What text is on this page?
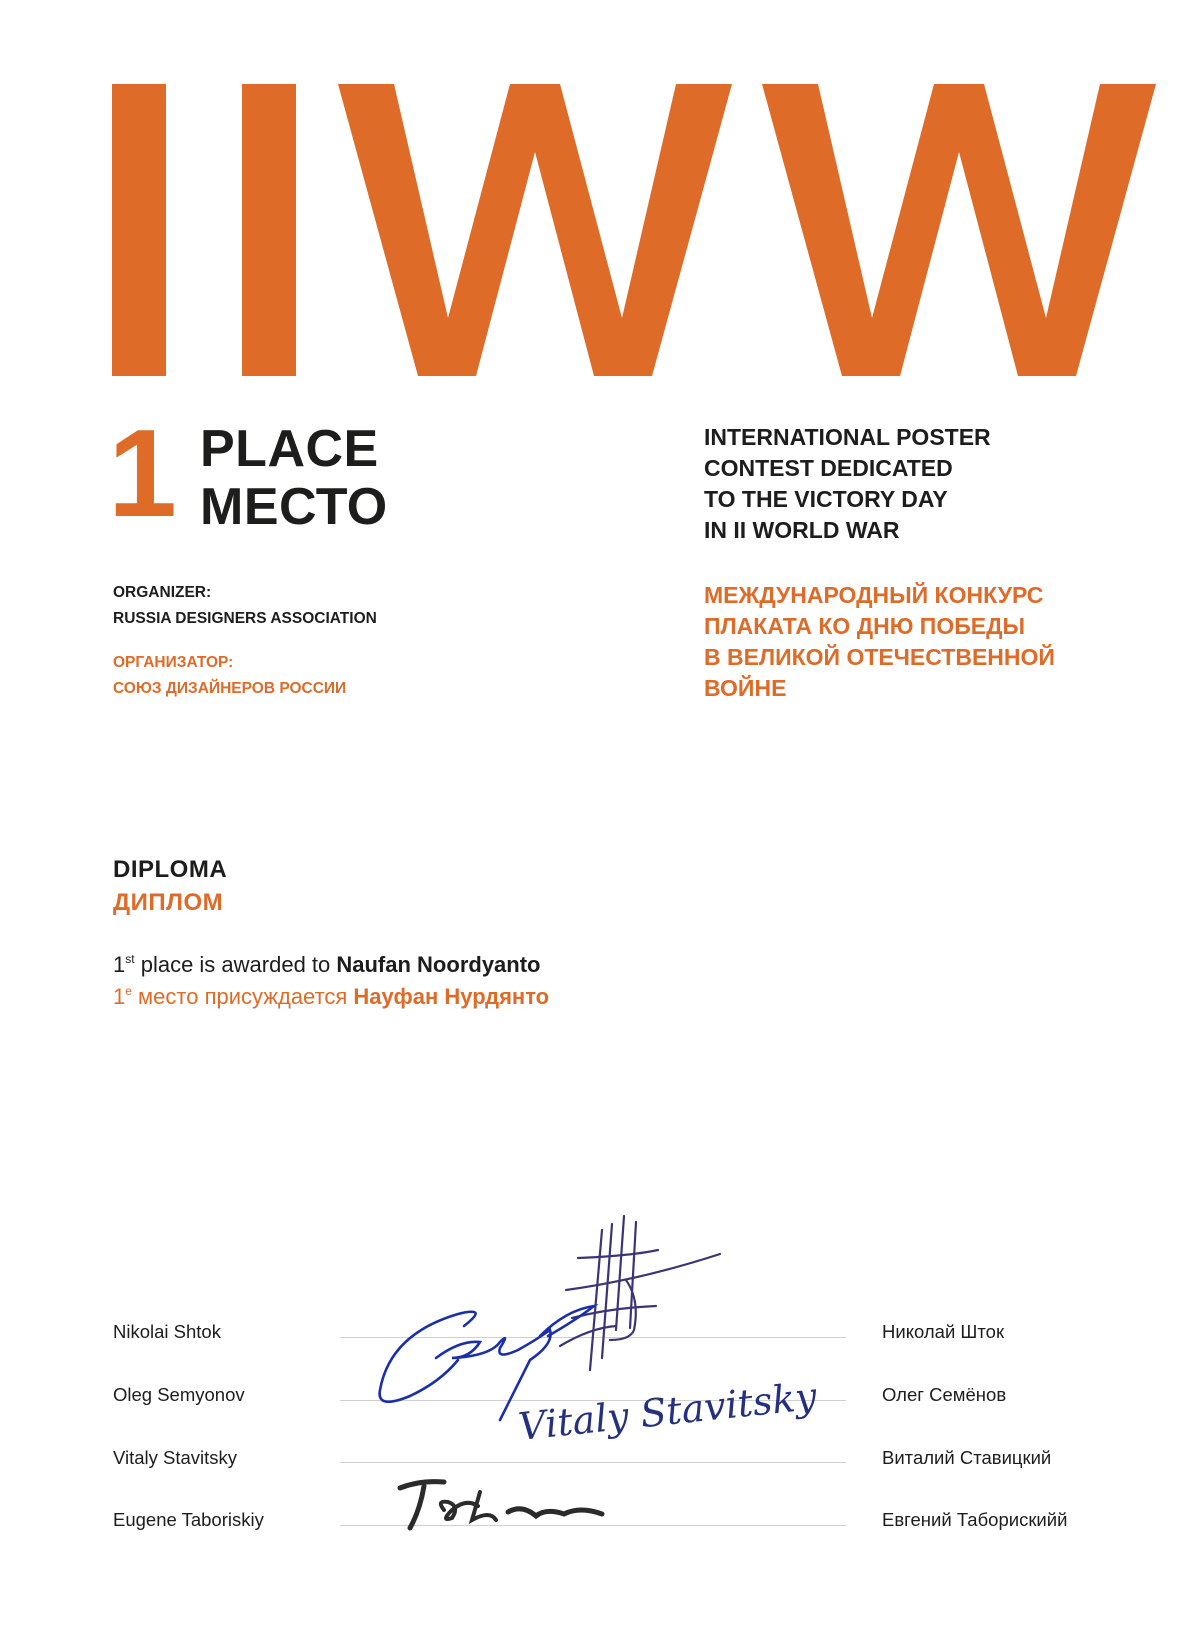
1 PLACE
МЕСТО
INTERNATIONAL POSTER
CONTEST DEDICATED
TO THE VICTORY DAY
IN II WORLD WAR
МЕЖДУНАРОДНЫЙ КОНКУРС
ПЛАКАТА КО ДНЮ ПОБЕДЫ
В ВЕЛИКОЙ ОТЕЧЕСТВЕННОЙ
ВОЙНЕ
ORGANIZER:
RUSSIA DESIGNERS ASSOCIATION
ОРГАНИЗАТОР:
СОЮЗ ДИЗАЙНЕРОВ РОССИИ
DIPLOMA
ДИПЛОМ
1st place is awarded to Naufan Noordyanto
$1^е$ место присуждается Науфан Нурдянто
Nikolai Shtok
Oleg Semyonov
Vitaly Stavitsky
Eugene Taboriskiy
Николай Шток
Олег Семёнов
Виталий Ставицкий
Евгений Таборискийй
Vitaly Stavitsky
